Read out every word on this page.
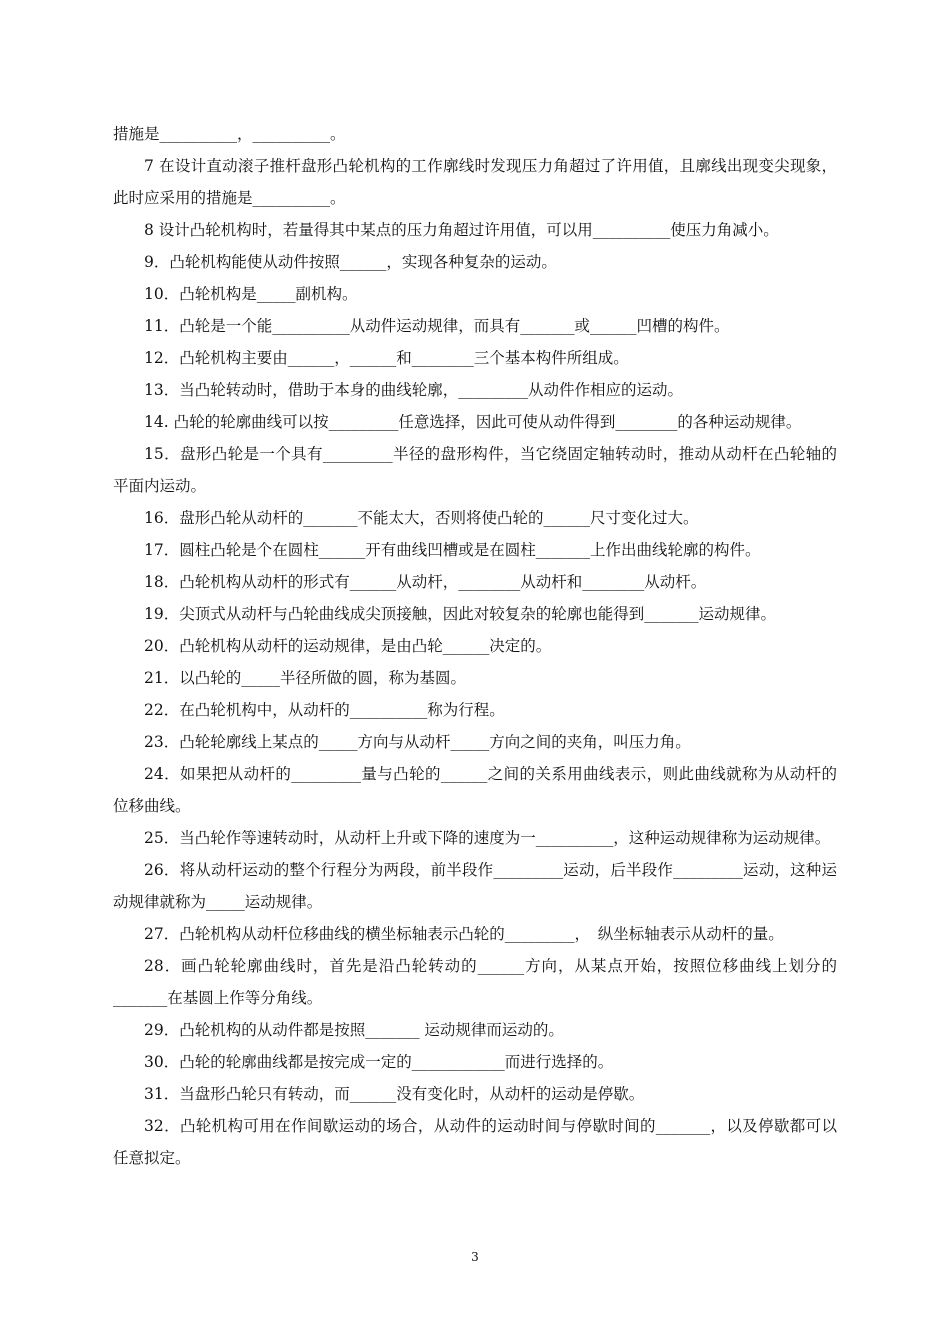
措施是__________，__________。
7 在设计直动滚子推杆盘形凸轮机构的工作廓线时发现压力角超过了许用值，且廓线出现变尖现象，此时应采用的措施是__________。
8 设计凸轮机构时，若量得其中某点的压力角超过许用值，可以用__________使压力角减小。
9．凸轮机构能使从动件按照______，实现各种复杂的运动。
10．凸轮机构是_____副机构。
11．凸轮是一个能__________从动件运动规律，而具有_______或______凹槽的构件。
12．凸轮机构主要由______，______和________三个基本构件所组成。
13．当凸轮转动时，借助于本身的曲线轮廓，_________从动件作相应的运动。
14. 凸轮的轮廓曲线可以按_________任意选择，因此可使从动件得到________的各种运动规律。
15．盘形凸轮是一个具有_________半径的盘形构件，当它绕固定轴转动时，推动从动杆在凸轮轴的平面内运动。
16．盘形凸轮从动杆的_______不能太大，否则将使凸轮的______尺寸变化过大。
17．圆柱凸轮是个在圆柱______开有曲线凹槽或是在圆柱_______上作出曲线轮廓的构件。
18．凸轮机构从动杆的形式有______从动杆，________从动杆和________从动杆。
19．尖顶式从动杆与凸轮曲线成尖顶接触，因此对较复杂的轮廓也能得到_______运动规律。
20．凸轮机构从动杆的运动规律，是由凸轮______决定的。
21．以凸轮的_____半径所做的圆，称为基圆。
22．在凸轮机构中，从动杆的__________称为行程。
23．凸轮轮廓线上某点的_____方向与从动杆_____方向之间的夹角，叫压力角。
24．如果把从动杆的_________量与凸轮的______之间的关系用曲线表示，则此曲线就称为从动杆的位移曲线。
25．当凸轮作等速转动时，从动杆上升或下降的速度为一__________，这种运动规律称为运动规律。
26．将从动杆运动的整个行程分为两段，前半段作_________运动，后半段作_________运动，这种运动规律就称为_____运动规律。
27．凸轮机构从动杆位移曲线的横坐标轴表示凸轮的_________，　纵坐标轴表示从动杆的量。
28．画凸轮轮廓曲线时，首先是沿凸轮转动的______方向，从某点开始，按照位移曲线上划分的_______在基圆上作等分角线。
29．凸轮机构的从动件都是按照_______ 运动规律而运动的。
30．凸轮的轮廓曲线都是按完成一定的____________而进行选择的。
31．当盘形凸轮只有转动，而______没有变化时，从动杆的运动是停歇。
32．凸轮机构可用在作间歇运动的场合，从动件的运动时间与停歇时间的_______，以及停歇都可以任意拟定。
3
